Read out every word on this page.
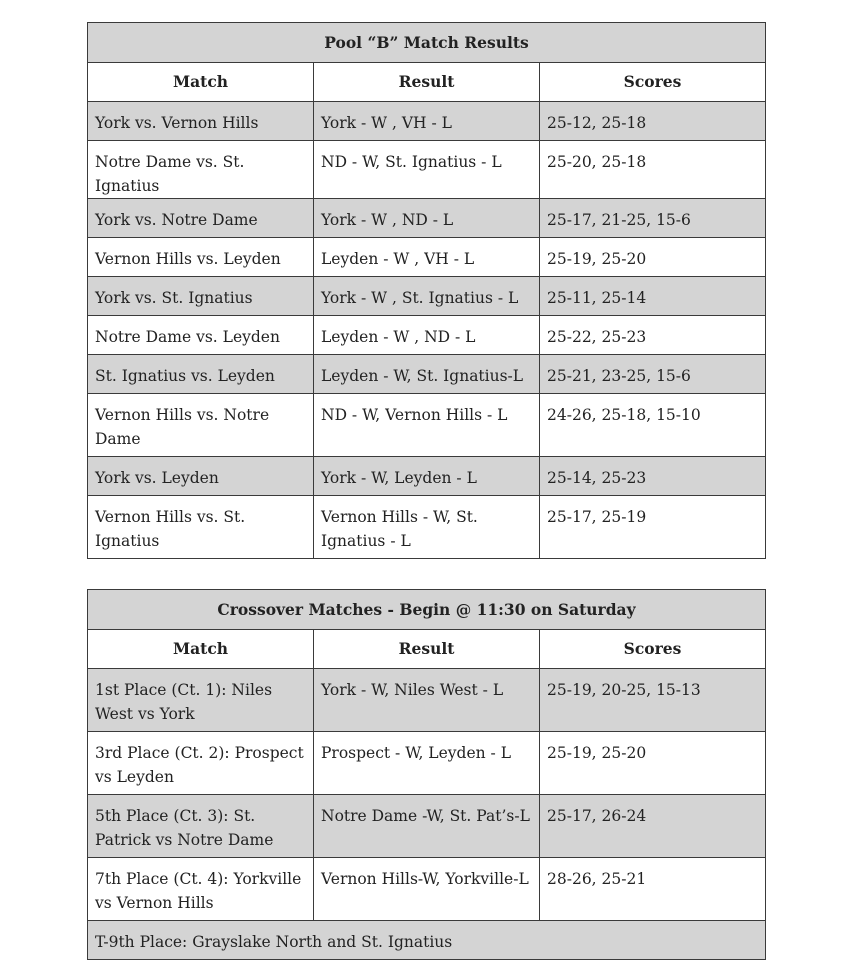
Pool “B” Match Results		
Match	Result	Scores
York vs. Vernon Hills	York - W , VH - L	25-12, 25-18
Notre Dame vs. St. Ignatius	ND - W, St. Ignatius - L	25-20, 25-18
York vs. Notre Dame	York - W , ND - L	25-17, 21-25, 15-6
Vernon Hills vs. Leyden	Leyden - W , VH - L	25-19, 25-20
York vs. St. Ignatius	York - W , St. Ignatius - L	25-11, 25-14
Notre Dame vs. Leyden	Leyden - W , ND - L	25-22, 25-23
St. Ignatius vs. Leyden	Leyden - W, St. Ignatius-L	25-21, 23-25, 15-6
Vernon Hills vs. Notre Dame	ND - W, Vernon Hills - L	24-26, 25-18, 15-10
York vs. Leyden	York - W, Leyden - L	25-14, 25-23
Vernon Hills vs. St. Ignatius	Vernon Hills - W, St. Ignatius - L	25-17, 25-19
Crossover Matches - Begin @ 11:30 on Saturday		
Match	Result	Scores
1st Place (Ct. 1): Niles West vs York	York - W, Niles West - L	25-19, 20-25, 15-13
3rd Place (Ct. 2): Prospect vs Leyden	Prospect - W, Leyden - L	25-19, 25-20
5th Place (Ct. 3): St. Patrick vs Notre Dame	Notre Dame -W, St. Pat’s-L	25-17, 26-24
7th Place (Ct. 4): Yorkville vs Vernon Hills	Vernon Hills-W, Yorkville-L	28-26, 25-21
T-9th Place: Grayslake North and St. Ignatius		
